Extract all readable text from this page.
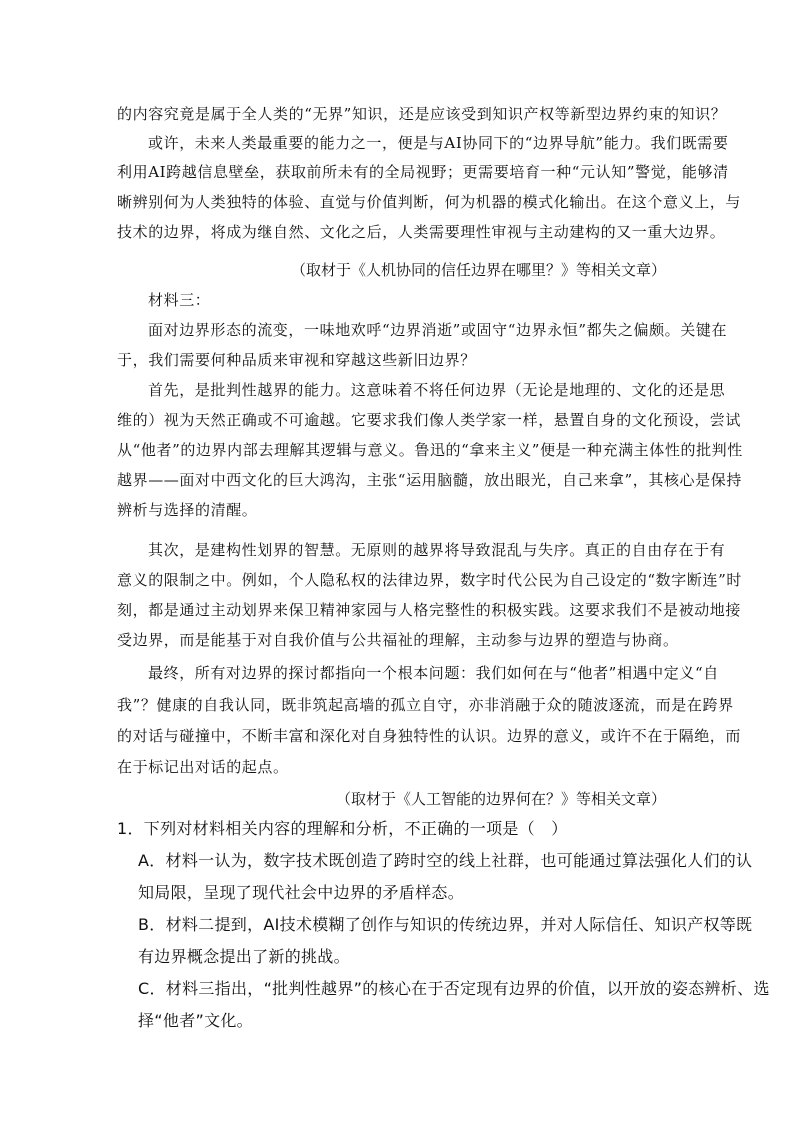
的内容究竟是属于全人类的“无界”知识，还是应该受到知识产权等新型边界约束的知识？
或许，未来人类最重要的能力之一，便是与AI协同下的“边界导航”能力。我们既需要
利用AI跨越信息壁垒，获取前所未有的全局视野；更需要培育一种“元认知”警觉，能够清
晰辨别何为人类独特的体验、直觉与价值判断，何为机器的模式化输出。在这个意义上，与
技术的边界，将成为继自然、文化之后，人类需要理性审视与主动建构的又一重大边界。
（取材于《人机协同的信任边界在哪里？》等相关文章）
材料三：
面对边界形态的流变，一味地欢呼“边界消逝”或固守“边界永恒”都失之偏颇。关键在
于，我们需要何种品质来审视和穿越这些新旧边界？
首先，是批判性越界的能力。这意味着不将任何边界（无论是地理的、文化的还是思
维的）视为天然正确或不可逾越。它要求我们像人类学家一样，悬置自身的文化预设，尝试
从“他者”的边界内部去理解其逻辑与意义。鲁迅的“拿来主义”便是一种充满主体性的批判性
越界——面对中西文化的巨大鸿沟，主张“运用脑髓，放出眼光，自己来拿”，其核心是保持
辨析与选择的清醒。
其次，是建构性划界的智慧。无原则的越界将导致混乱与失序。真正的自由存在于有
意义的限制之中。例如，个人隐私权的法律边界，数字时代公民为自己设定的“数字断连”时
刻，都是通过主动划界来保卫精神家园与人格完整性的积极实践。这要求我们不是被动地接
受边界，而是能基于对自我价值与公共福祉的理解，主动参与边界的塑造与协商。
最终，所有对边界的探讨都指向一个根本问题：我们如何在与“他者”相遇中定义“自
我”？健康的自我认同，既非筑起高墙的孤立自守，亦非消融于众的随波逐流，而是在跨界
的对话与碰撞中，不断丰富和深化对自身独特性的认识。边界的意义，或许不在于隔绝，而
在于标记出对话的起点。
（取材于《人工智能的边界何在？》等相关文章）
1．下列对材料相关内容的理解和分析，不正确的一项是（　）
A．材料一认为，数字技术既创造了跨时空的线上社群，也可能通过算法强化人们的认
知局限，呈现了现代社会中边界的矛盾样态。
B．材料二提到，AI技术模糊了创作与知识的传统边界，并对人际信任、知识产权等既
有边界概念提出了新的挑战。
C．材料三指出，“批判性越界”的核心在于否定现有边界的价值，以开放的姿态辨析、选
择“他者”文化。
